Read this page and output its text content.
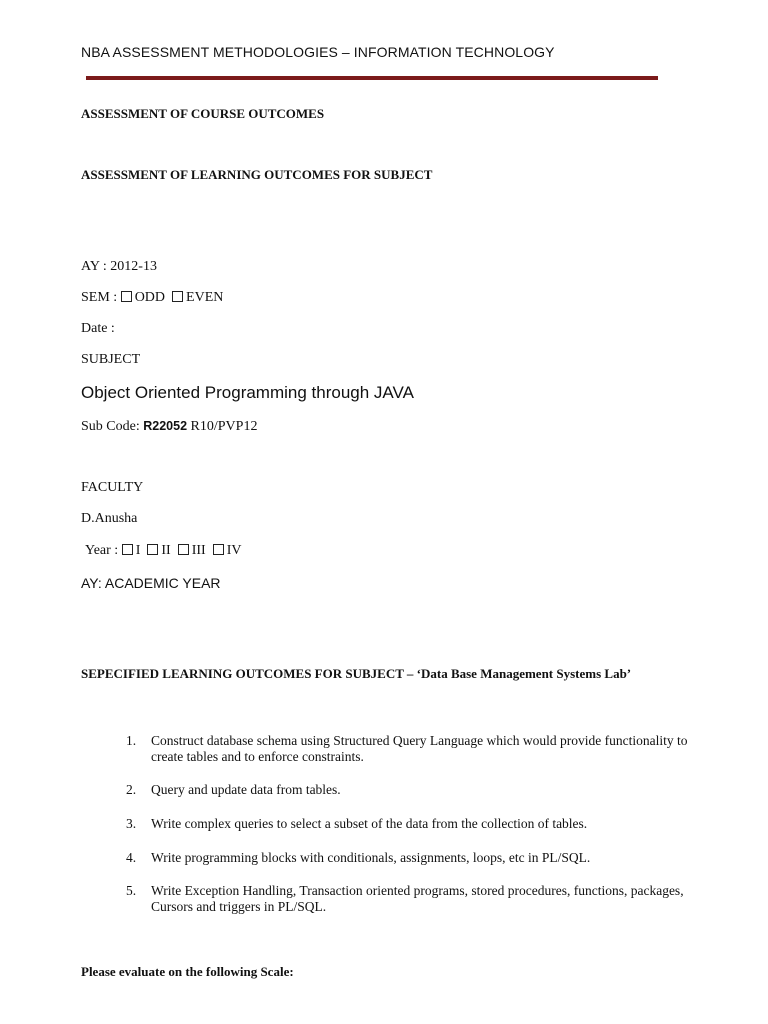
NBA ASSESSMENT METHODOLOGIES – INFORMATION TECHNOLOGY
ASSESSMENT OF COURSE OUTCOMES
ASSESSMENT OF LEARNING OUTCOMES FOR SUBJECT
AY : 2012-13
SEM : ODD EVEN
Date :
SUBJECT
Object Oriented Programming through JAVA
Sub Code: R22052 R10/PVP12
FACULTY
D.Anusha
Year : I II III IV
AY: ACADEMIC YEAR
SEPECIFIED LEARNING OUTCOMES FOR SUBJECT – ‘Data Base Management Systems Lab’
1. Construct database schema using Structured Query Language which would provide functionality to create tables and to enforce constraints.
2. Query and update data from tables.
3. Write complex queries to select a subset of the data from the collection of tables.
4. Write programming blocks with conditionals, assignments, loops, etc in PL/SQL.
5. Write Exception Handling, Transaction oriented programs, stored procedures, functions, packages, Cursors and triggers in PL/SQL.
Please evaluate on the following Scale:
